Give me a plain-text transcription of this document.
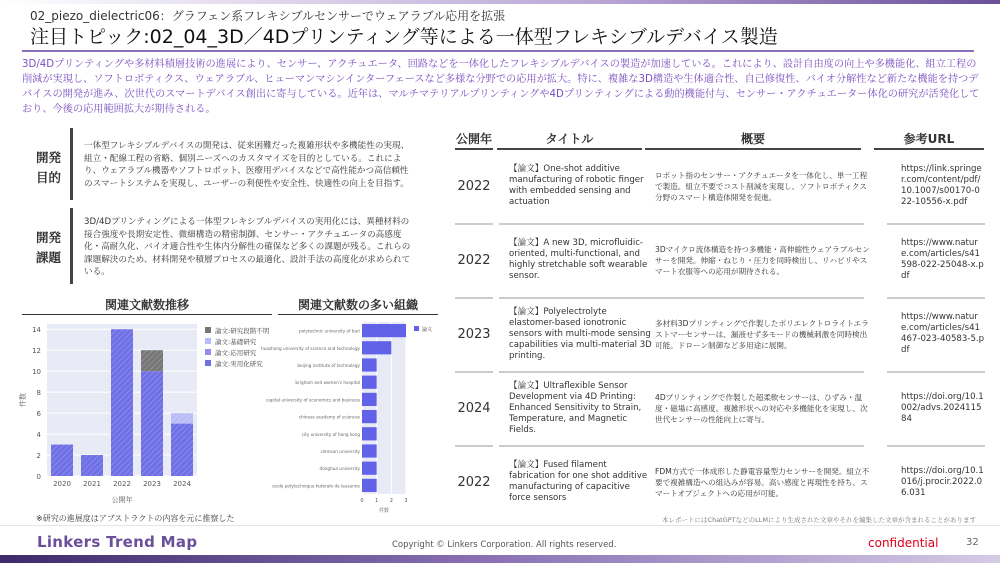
02_piezo_dielectric06：グラフェン系フレキシブルセンサーでウェアラブル応用を拡張
注目トピック:02_04_3D／4Dプリンティング等による一体型フレキシブルデバイス製造
3D/4Dプリンティングや多材料積層技術の進展により、センサー、アクチュエータ、回路などを一体化したフレキシブルデバイスの製造が加速している。これにより、設計自由度の向上や多機能化、組立工程の削減が実現し、ソフトロボティクス、ウェアラブル、ヒューマンマシンインターフェースなど多様な分野での応用が拡大。特に、複雑な3D構造や生体適合性、自己修復性、バイオ分解性など新たな機能を持つデバイスの開発が進み、次世代のスマートデバイス創出に寄与している。近年は、マルチマテリアルプリンティングや4Dプリンティングによる動的機能付与、センサー・アクチュエーター体化の研究が活発化しており、今後の応用範囲拡大が期待される。
開発目的
一体型フレキシブルデバイスの開発は、従来困難だった複雑形状や多機能性の実現、組立・配線工程の省略、個別ニーズへのカスタマイズを目的としている。これにより、ウェアラブル機器やソフトロボット、医療用デバイスなどで高性能かつ高信頼性のスマートシステムを実現し、ユーザーの利便性や安全性、快適性の向上を目指す。
開発課題
3D/4Dプリンティングによる一体型フレキシブルデバイスの実用化には、異種材料の接合強度や長期安定性、微細構造の精密制御、センサー・アクチュエータの高感度化・高耐久化、バイオ適合性や生体内分解性の確保など多くの課題が残る。これらの課題解決のため、材料開発や積層プロセスの最適化、設計手法の高度化が求められている。
関連文献数推移	関連文献数の多い組織
0
2
4
6
8
10
12
14
2020 2021 2022 2023 2024
公開年
件数
論文:研究段階不明
論文:基礎研究
論文:応用研究
論文:実用化研究
0 1 2 3
polytechnic university of bari
huazhong university of science and technology
beijing institute of technology
brigham and women's hospital
capital university of economics and business
chinese academy of sciences
city university of hong kong
clemson university
donghua university
ecole polytechnique federale de lausanne
件数
論文
※研究の進展度はアブストラクトの内容を元に推察した
公開年	タイトル	概要	参考URL
2022
【論文】One-shot additive manufacturing of robotic finger with embedded sensing and actuation
ロボット指のセンサー・アクチュエータを一体化し、単一工程で製造。組立不要でコスト削減を実現し、ソフトロボティクス分野のスマート構造体開発を促進。
https://link.springer.com/content/pdf/10.1007/s00170-022-10556-x.pdf
2022
【論文】A new 3D, microfluidic-oriented, multi-functional, and highly stretchable soft wearable sensor.
3Dマイクロ流体構造を持つ多機能・高伸縮性ウェアラブルセンサーを開発。伸縮・ねじり・圧力を同時検出し、リハビリやスマート衣服等への応用が期待される。
https://www.nature.com/articles/s41598-022-25048-x.pdf
2023
【論文】Polyelectrolyte elastomer-based ionotronic sensors with multi-mode sensing capabilities via multi-material 3D printing.
多材料3Dプリンティングで作製したポリエレクトロライトエラストマーセンサーは、漏液せず多モードの機械刺激を同時検出可能。ドローン制御など多用途に展開。
https://www.nature.com/articles/s41467-023-40583-5.pdf
2024
【論文】Ultraflexible Sensor Development via 4D Printing: Enhanced Sensitivity to Strain, Temperature, and Magnetic Fields.
4Dプリンティングで作製した超柔軟センサーは、ひずみ・温度・磁場に高感度。複雑形状への対応や多機能化を実現し、次世代センサーの性能向上に寄与。
https://doi.org/10.1002/advs.202411584
2022
【論文】Fused filament fabrication for one shot additive manufacturing of capacitive force sensors
FDM方式で一体成形した静電容量型力センサーを開発。組立不要で複雑構造への組込みが容易。高い感度と再現性を持ち、スマートオブジェクトへの応用が可能。
https://doi.org/10.1016/j.procir.2022.06.031
本レポートにはChatGPTなどのLLMにより生成された文章やそれを編集した文章が含まれることがあります
Linkers Trend Map	Copyright © Linkers Corporation. All rights reserved.	confidential	32
